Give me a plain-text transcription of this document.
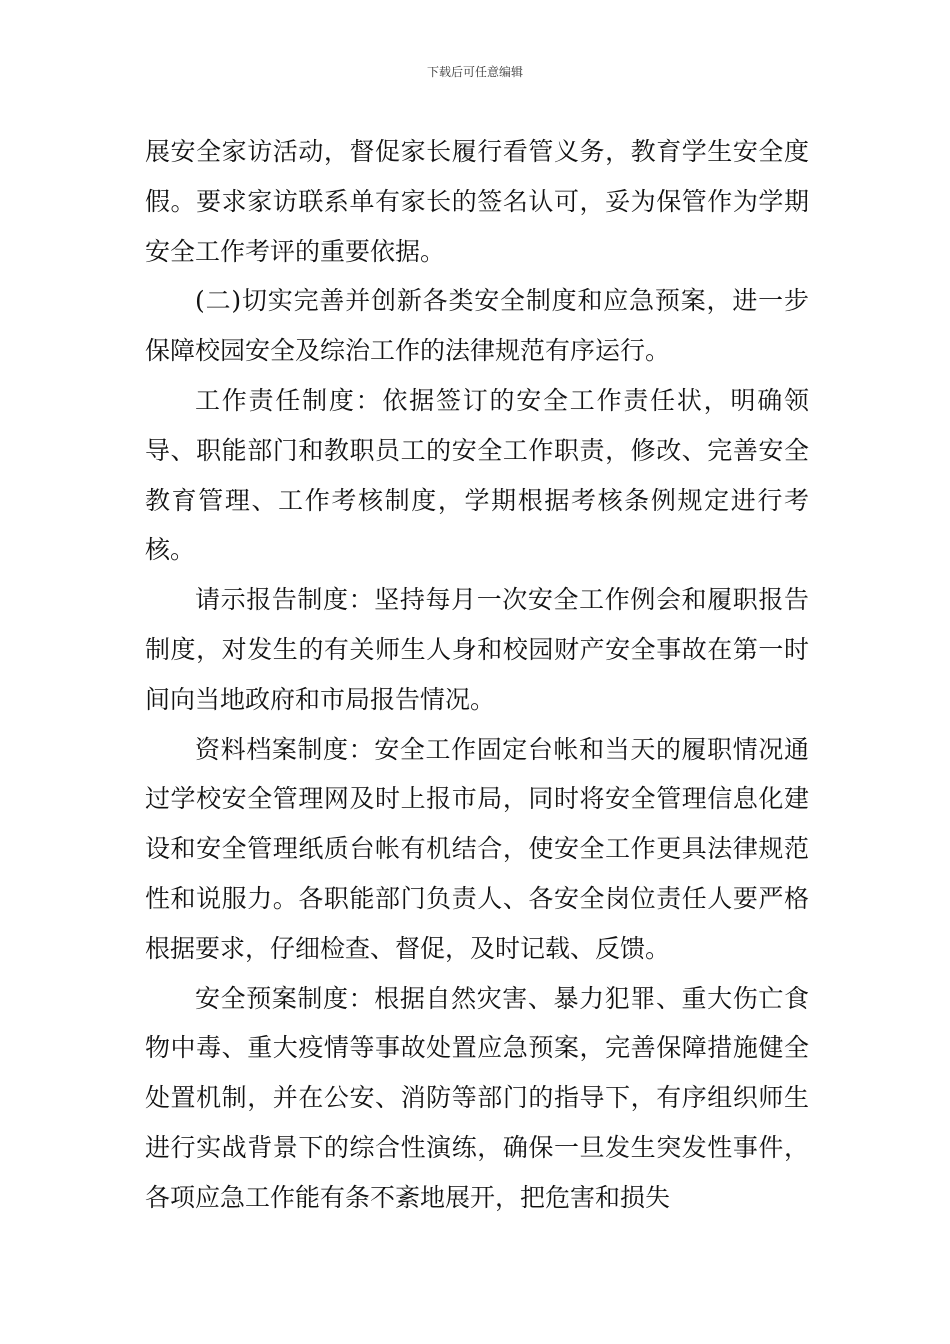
下载后可任意编辑

展安全家访活动，督促家长履行看管义务，教育学生安全度假。要求家访联系单有家长的签名认可，妥为保管作为学期安全工作考评的重要依据。

(二)切实完善并创新各类安全制度和应急预案，进一步保障校园安全及综治工作的法律规范有序运行。

工作责任制度：依据签订的安全工作责任状，明确领导、职能部门和教职员工的安全工作职责，修改、完善安全教育管理、工作考核制度，学期根据考核条例规定进行考核。

请示报告制度：坚持每月一次安全工作例会和履职报告制度，对发生的有关师生人身和校园财产安全事故在第一时间向当地政府和市局报告情况。

资料档案制度：安全工作固定台帐和当天的履职情况通过学校安全管理网及时上报市局，同时将安全管理信息化建设和安全管理纸质台帐有机结合，使安全工作更具法律规范性和说服力。各职能部门负责人、各安全岗位责任人要严格根据要求，仔细检查、督促，及时记载、反馈。

安全预案制度：根据自然灾害、暴力犯罪、重大伤亡食物中毒、重大疫情等事故处置应急预案，完善保障措施健全处置机制，并在公安、消防等部门的指导下，有序组织师生进行实战背景下的综合性演练，确保一旦发生突发性事件，各项应急工作能有条不紊地展开，把危害和损失
